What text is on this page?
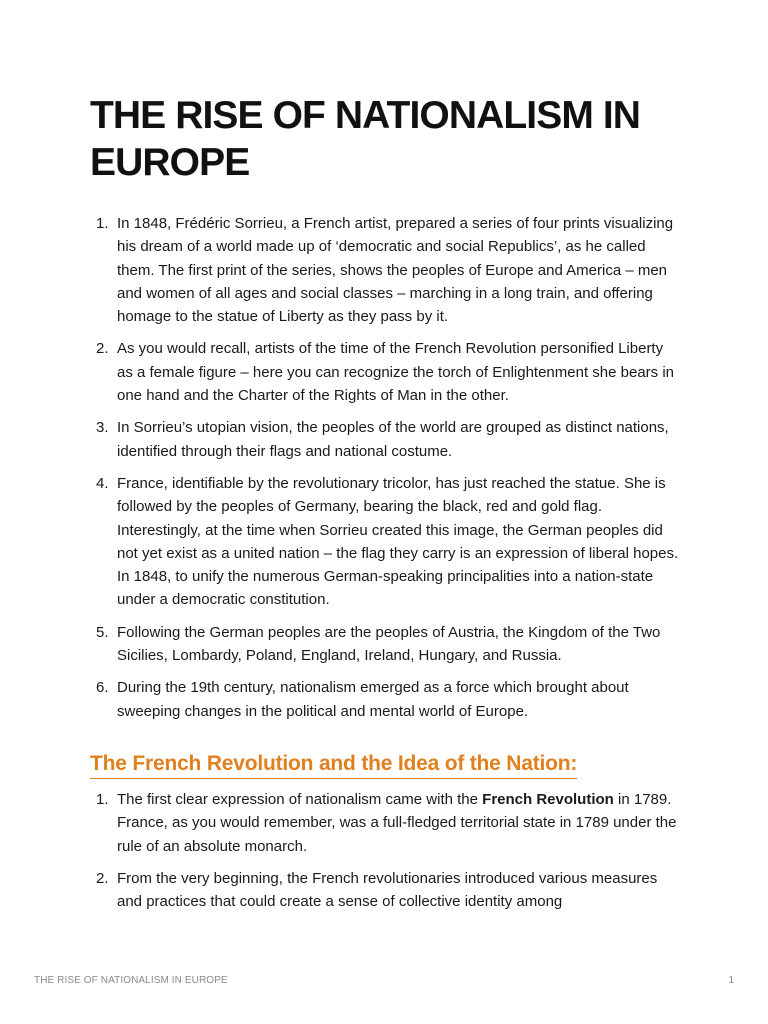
THE RISE OF NATIONALISM IN EUROPE
1. In 1848, Frédéric Sorrieu, a French artist, prepared a series of four prints visualizing his dream of a world made up of ‘democratic and social Republics’, as he called them. The first print of the series, shows the peoples of Europe and America – men and women of all ages and social classes – marching in a long train, and offering homage to the statue of Liberty as they pass by it.
2. As you would recall, artists of the time of the French Revolution personified Liberty as a female figure – here you can recognize the torch of Enlightenment she bears in one hand and the Charter of the Rights of Man in the other.
3. In Sorrieu’s utopian vision, the peoples of the world are grouped as distinct nations, identified through their flags and national costume.
4. France, identifiable by the revolutionary tricolor, has just reached the statue. She is followed by the peoples of Germany, bearing the black, red and gold flag. Interestingly, at the time when Sorrieu created this image, the German peoples did not yet exist as a united nation – the flag they carry is an expression of liberal hopes. In 1848, to unify the numerous German-speaking principalities into a nation-state under a democratic constitution.
5. Following the German peoples are the peoples of Austria, the Kingdom of the Two Sicilies, Lombardy, Poland, England, Ireland, Hungary, and Russia.
6. During the 19th century, nationalism emerged as a force which brought about sweeping changes in the political and mental world of Europe.
The French Revolution and the Idea of the Nation:
1. The first clear expression of nationalism came with the French Revolution in 1789. France, as you would remember, was a full-fledged territorial state in 1789 under the rule of an absolute monarch.
2. From the very beginning, the French revolutionaries introduced various measures and practices that could create a sense of collective identity among
THE RISE OF NATIONALISM IN EUROPE	1
